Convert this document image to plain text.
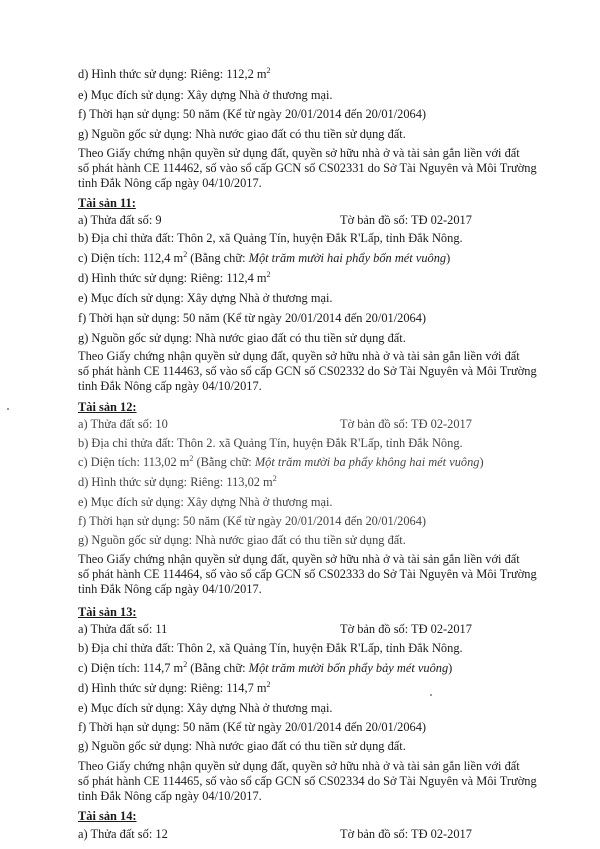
d) Hình thức sử dụng: Riêng: 112,2 $m^2$
e) Mục đích sử dụng: Xây dựng Nhà ở thương mại.
f) Thời hạn sử dụng: 50 năm (Kể từ ngày 20/01/2014 đến 20/01/2064)
g) Nguồn gốc sử dụng: Nhà nước giao đất có thu tiền sử dụng đất.
Theo Giấy chứng nhận quyền sử dụng đất, quyền sở hữu nhà ở và tài sản gắn liền với đất
số phát hành CE 114462, số vào sổ cấp GCN số CS02331 do Sở Tài Nguyên và Môi Trường
tỉnh Đắk Nông cấp ngày 04/10/2017.
Tài sản 11:
a) Thửa đất số: 9	Tờ bản đồ số: TĐ 02-2017
b) Địa chỉ thửa đất: Thôn 2, xã Quảng Tín, huyện Đắk R'Lấp, tỉnh Đắk Nông.
c) Diện tích: 112,4 $m^2$ (Bằng chữ: Một trăm mười hai phẩy bốn mét vuông)
d) Hình thức sử dụng: Riêng: 112,4 $m^2$
e) Mục đích sử dụng: Xây dựng Nhà ở thương mại.
f) Thời hạn sử dụng: 50 năm (Kể từ ngày 20/01/2014 đến 20/01/2064)
g) Nguồn gốc sử dụng: Nhà nước giao đất có thu tiền sử dụng đất.
Theo Giấy chứng nhận quyền sử dụng đất, quyền sở hữu nhà ở và tài sản gắn liền với đất
số phát hành CE 114463, số vào sổ cấp GCN số CS02332 do Sở Tài Nguyên và Môi Trường
tỉnh Đắk Nông cấp ngày 04/10/2017.
Tài sản 12:
a) Thửa đất số: 10	Tờ bản đồ số: TĐ 02-2017
b) Địa chỉ thửa đất: Thôn 2. xã Quảng Tín, huyện Đắk R'Lấp, tỉnh Đắk Nông.
c) Diện tích: 113,02 $m^2$ (Bằng chữ: Một trăm mười ba phẩy không hai mét vuông)
d) Hình thức sử dụng: Riêng: 113,02 $m^2$
e) Mục đích sử dụng: Xây dựng Nhà ở thương mại.
f) Thời hạn sử dụng: 50 năm (Kể từ ngày 20/01/2014 đến 20/01/2064)
g) Nguồn gốc sử dụng: Nhà nước giao đất có thu tiền sử dụng đất.
Theo Giấy chứng nhận quyền sử dụng đất, quyền sở hữu nhà ở và tài sản gắn liền với đất
số phát hành CE 114464, số vào sổ cấp GCN số CS02333 do Sở Tài Nguyên và Môi Trường
tỉnh Đắk Nông cấp ngày 04/10/2017.
Tài sản 13:
a) Thửa đất số: 11	Tờ bản đồ số: TĐ 02-2017
b) Địa chỉ thửa đất: Thôn 2, xã Quảng Tín, huyện Đắk R'Lấp, tỉnh Đắk Nông.
c) Diện tích: 114,7 $m^2$ (Bằng chữ: Một trăm mười bốn phẩy bảy mét vuông)
d) Hình thức sử dụng: Riêng: 114,7 $m^2$
e) Mục đích sử dụng: Xây dựng Nhà ở thương mại.
f) Thời hạn sử dụng: 50 năm (Kể từ ngày 20/01/2014 đến 20/01/2064)
g) Nguồn gốc sử dụng: Nhà nước giao đất có thu tiền sử dụng đất.
Theo Giấy chứng nhận quyền sử dụng đất, quyền sở hữu nhà ở và tài sản gắn liền với đất
số phát hành CE 114465, số vào sổ cấp GCN số CS02334 do Sở Tài Nguyên và Môi Trường
tỉnh Đắk Nông cấp ngày 04/10/2017.
Tài sản 14:
a) Thửa đất số: 12	Tờ bản đồ số: TĐ 02-2017
